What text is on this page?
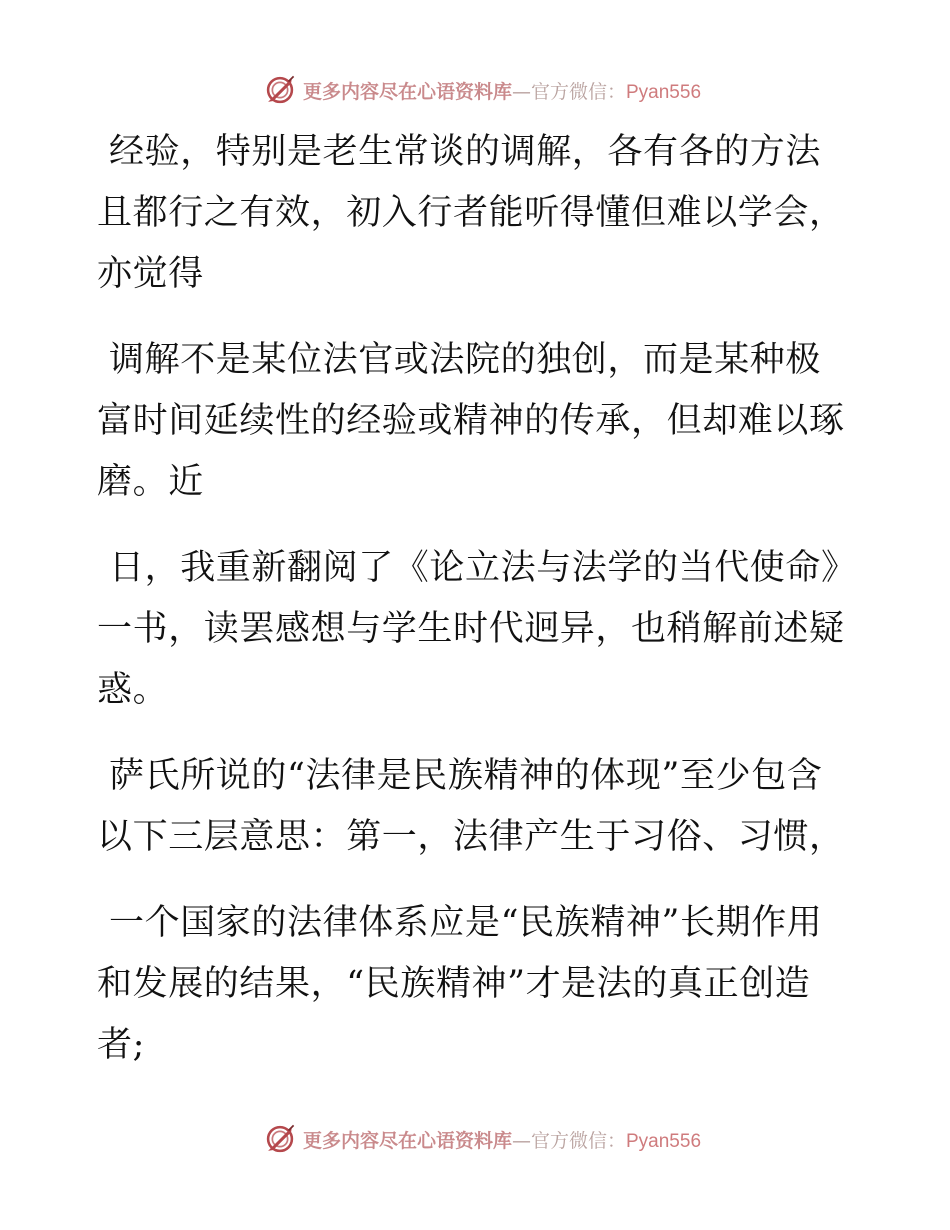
更多内容尽在心语资料库 — 官方微信： Pyan556

经验，特别是老生常谈的调解，各有各的方法且都行之有效，初入行者能听得懂但难以学会，亦觉得

调解不是某位法官或法院的独创，而是某种极富时间延续性的经验或精神的传承，但却难以琢磨。近

日，我重新翻阅了《论立法与法学的当代使命》一书，读罢感想与学生时代迥异，也稍解前述疑惑。

萨氏所说的“法律是民族精神的体现”至少包含以下三层意思：第一，法律产生于习俗、习惯，

一个国家的法律体系应是“民族精神”长期作用和发展的结果，“民族精神”才是法的真正创造者;

更多内容尽在心语资料库 — 官方微信： Pyan556
